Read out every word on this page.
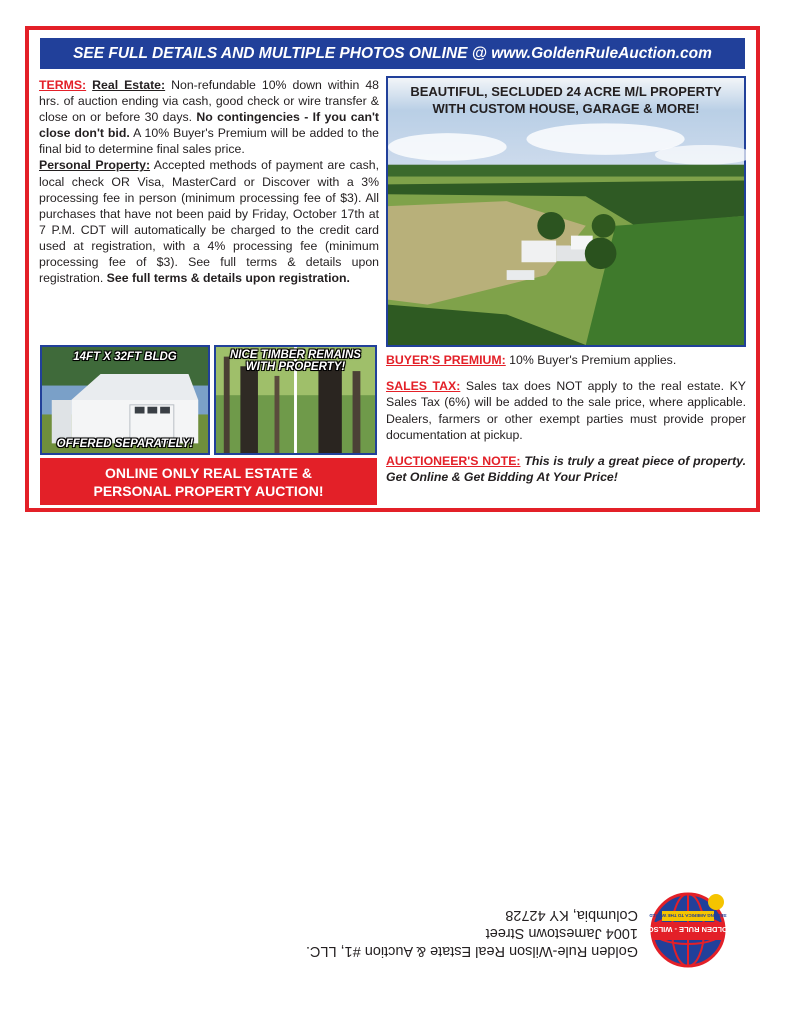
SEE FULL DETAILS AND MULTIPLE PHOTOS ONLINE @ www.GoldenRuleAuction.com

TERMS: Real Estate: Non-refundable 10% down within 48 hrs. of auction ending via cash, good check or wire transfer & close on or before 30 days. No contingencies - If you can't close don't bid. A 10% Buyer's Premium will be added to the final bid to determine final sales price.

Personal Property: Accepted methods of payment are cash, local check OR Visa, MasterCard or Discover with a 3% processing fee in person (minimum processing fee of $3). All purchases that have not been paid by Friday, October 17th at 7 P.M. CDT will automatically be charged to the credit card used at registration, with a 4% processing fee (minimum processing fee of $3). See full terms & details upon registration. See full terms & details upon registration.

14FT X 32FT BLDG
OFFERED SEPARATELY!
NICE TIMBER REMAINS WITH PROPERTY!
ONLINE ONLY REAL ESTATE &
PERSONAL PROPERTY AUCTION!
BEAUTIFUL, SECLUDED 24 ACRE M/L PROPERTY
WITH CUSTOM HOUSE, GARAGE & MORE!

BUYER'S PREMIUM: 10% Buyer's Premium applies.

SALES TAX: Sales tax does NOT apply to the real estate. KY Sales Tax (6%) will be added to the sale price, where applicable. Dealers, farmers or other exempt parties must provide proper documentation at pickup.

AUCTIONEER'S NOTE: This is truly a great piece of property. Get Online & Get Bidding At Your Price!

GOLDEN RULE - WILSON
SELLING AMERICA TO THE WORLD
Golden Rule-Wilson Real Estate & Auction #1, LLC.
1004 Jamestown Street
Columbia, KY 42728
